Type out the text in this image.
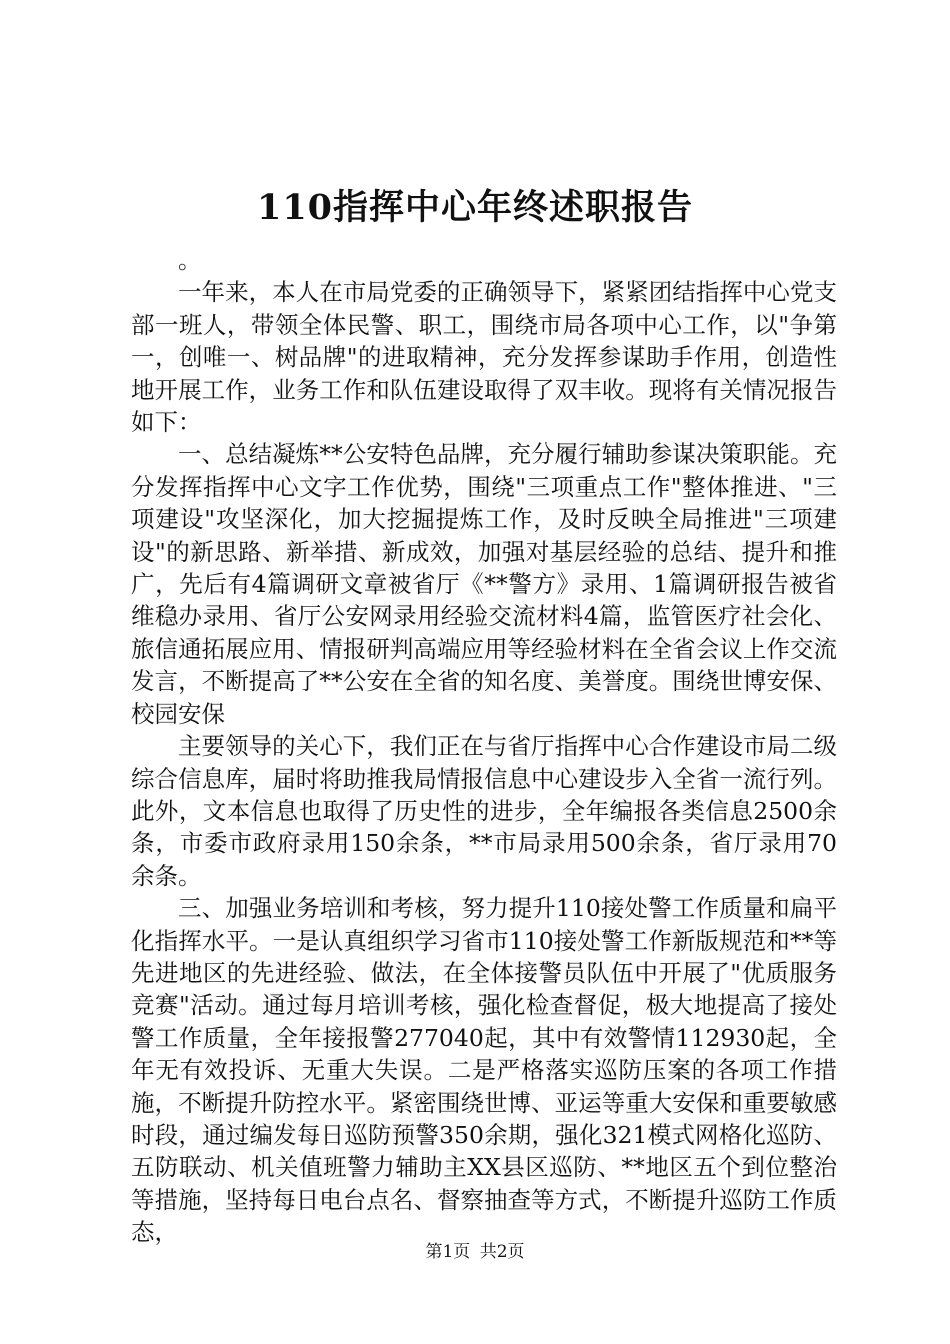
110指挥中心年终述职报告

。

一年来，本人在市局党委的正确领导下，紧紧团结指挥中心党支部一班人，带领全体民警、职工，围绕市局各项中心工作，以"争第一，创唯一、树品牌"的进取精神，充分发挥参谋助手作用，创造性地开展工作，业务工作和队伍建设取得了双丰收。现将有关情况报告如下：

一、总结凝炼**公安特色品牌，充分履行辅助参谋决策职能。充分发挥指挥中心文字工作优势，围绕"三项重点工作"整体推进、"三项建设"攻坚深化，加大挖掘提炼工作，及时反映全局推进"三项建设"的新思路、新举措、新成效，加强对基层经验的总结、提升和推广，先后有4篇调研文章被省厅《**警方》录用、1篇调研报告被省维稳办录用、省厅公安网录用经验交流材料4篇，监管医疗社会化、旅信通拓展应用、情报研判高端应用等经验材料在全省会议上作交流发言，不断提高了**公安在全省的知名度、美誉度。围绕世博安保、校园安保

主要领导的关心下，我们正在与省厅指挥中心合作建设市局二级综合信息库，届时将助推我局情报信息中心建设步入全省一流行列。此外，文本信息也取得了历史性的进步，全年编报各类信息2500余条，市委市政府录用150余条，**市局录用500余条，省厅录用70余条。

三、加强业务培训和考核，努力提升110接处警工作质量和扁平化指挥水平。一是认真组织学习省市110接处警工作新版规范和**等先进地区的先进经验、做法，在全体接警员队伍中开展了"优质服务竞赛"活动。通过每月培训考核，强化检查督促，极大地提高了接处警工作质量，全年接报警277040起，其中有效警情112930起，全年无有效投诉、无重大失误。二是严格落实巡防压案的各项工作措施，不断提升防控水平。紧密围绕世博、亚运等重大安保和重要敏感时段，通过编发每日巡防预警350余期，强化321模式网格化巡防、五防联动、机关值班警力辅助主XX县区巡防、**地区五个到位整治等措施，坚持每日电台点名、督察抽查等方式，不断提升巡防工作质态，

第1页 共2页
